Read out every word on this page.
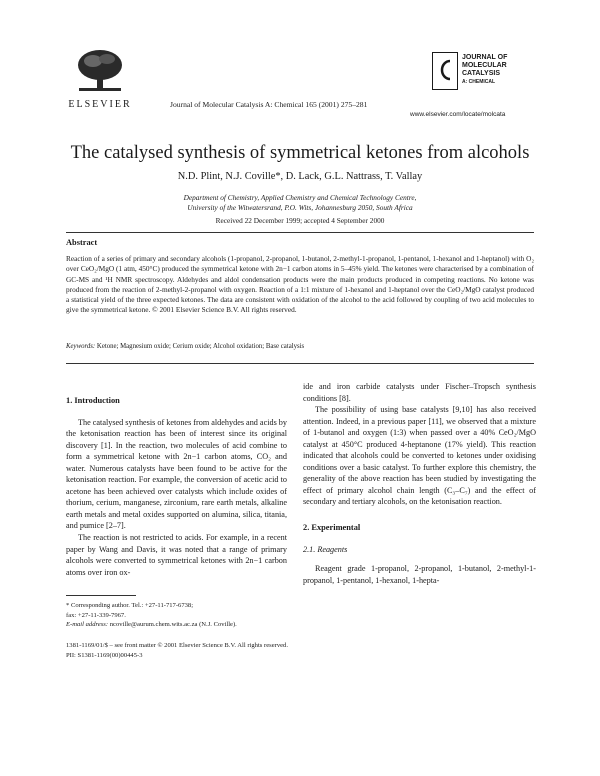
ELSEVIER	Journal of Molecular Catalysis A: Chemical 165 (2001) 275–281
JOURNAL OF
MOLECULAR
CATALYSIS
A: CHEMICAL
www.elsevier.com/locate/molcata
The catalysed synthesis of symmetrical ketones from alcohols
N.D. Plint, N.J. Coville*, D. Lack, G.L. Nattrass, T. Vallay
Department of Chemistry, Applied Chemistry and Chemical Technology Centre,
University of the Witwatersrand, P.O. Wits, Johannesburg 2050, South Africa
Received 22 December 1999; accepted 4 September 2000
Abstract
Reaction of a series of primary and secondary alcohols (1-propanol, 2-propanol, 1-butanol, 2-methyl-1-propanol, 1-pentanol, 1-hexanol and 1-heptanol) with O₂ over CeO₂/MgO (1 atm, 450°C) produced the symmetrical ketone with 2n−1 carbon atoms in 5–45% yield. The ketones were characterised by a combination of GC-MS and ¹H NMR spectroscopy. Aldehydes and aldol condensation products were the main products produced in competing reactions. No ketone was produced from the reaction of 2-methyl-2-propanol with oxygen. Reaction of a 1:1 mixture of 1-hexanol and 1-heptanol over the CeO₂/MgO catalyst produced a statistical yield of the three expected ketones. The data are consistent with oxidation of the alcohol to the acid followed by coupling of two acid molecules to give the symmetrical ketone. © 2001 Elsevier Science B.V. All rights reserved.
Keywords: Ketone; Magnesium oxide; Cerium oxide; Alcohol oxidation; Base catalysis
1. Introduction

The catalysed synthesis of ketones from aldehydes and acids by the ketonisation reaction has been of interest since its original discovery [1]. In the reaction, two molecules of acid combine to form a symmetrical ketone with 2n−1 carbon atoms, CO₂ and water. Numerous catalysts have been found to be active for the ketonisation reaction. For example, the conversion of acetic acid to acetone has been achieved over catalysts which include oxides of thorium, cerium, manganese, zirconium, rare earth metals, alkaline earth metals and metal oxides supported on alumina, silica, titania, and pumice [2–7].

The reaction is not restricted to acids. For example, in a recent paper by Wang and Davis, it was noted that a range of primary alcohols were converted to symmetrical ketones with 2n−1 carbon atoms over iron ox-

ide and iron carbide catalysts under Fischer–Tropsch synthesis conditions [8].

The possibility of using base catalysts [9,10] has also received attention. Indeed, in a previous paper [11], we observed that a mixture of 1-butanol and oxygen (1:3) when passed over a 40% CeO₂/MgO catalyst at 450°C produced 4-heptanone (17% yield). This reaction indicated that alcohols could be converted to ketones under oxidising conditions over a basic catalyst. To further explore this chemistry, the generality of the above reaction has been studied by investigating the effect of primary alcohol chain length (C₃–C₇) and the effect of secondary and tertiary alcohols, on the ketonisation reaction.

2. Experimental
2.1. Reagents

Reagent grade 1-propanol, 2-propanol, 1-butanol, 2-methyl-1-propanol, 1-pentanol, 1-hexanol, 1-hepta-

* Corresponding author. Tel.: +27-11-717-6738;
fax: +27-11-339-7967.
E-mail address: ncoville@aurum.chem.wits.ac.za (N.J. Coville).
1381-1169/01/$ – see front matter © 2001 Elsevier Science B.V. All rights reserved.
PII: S1381-1169(00)00445-3
